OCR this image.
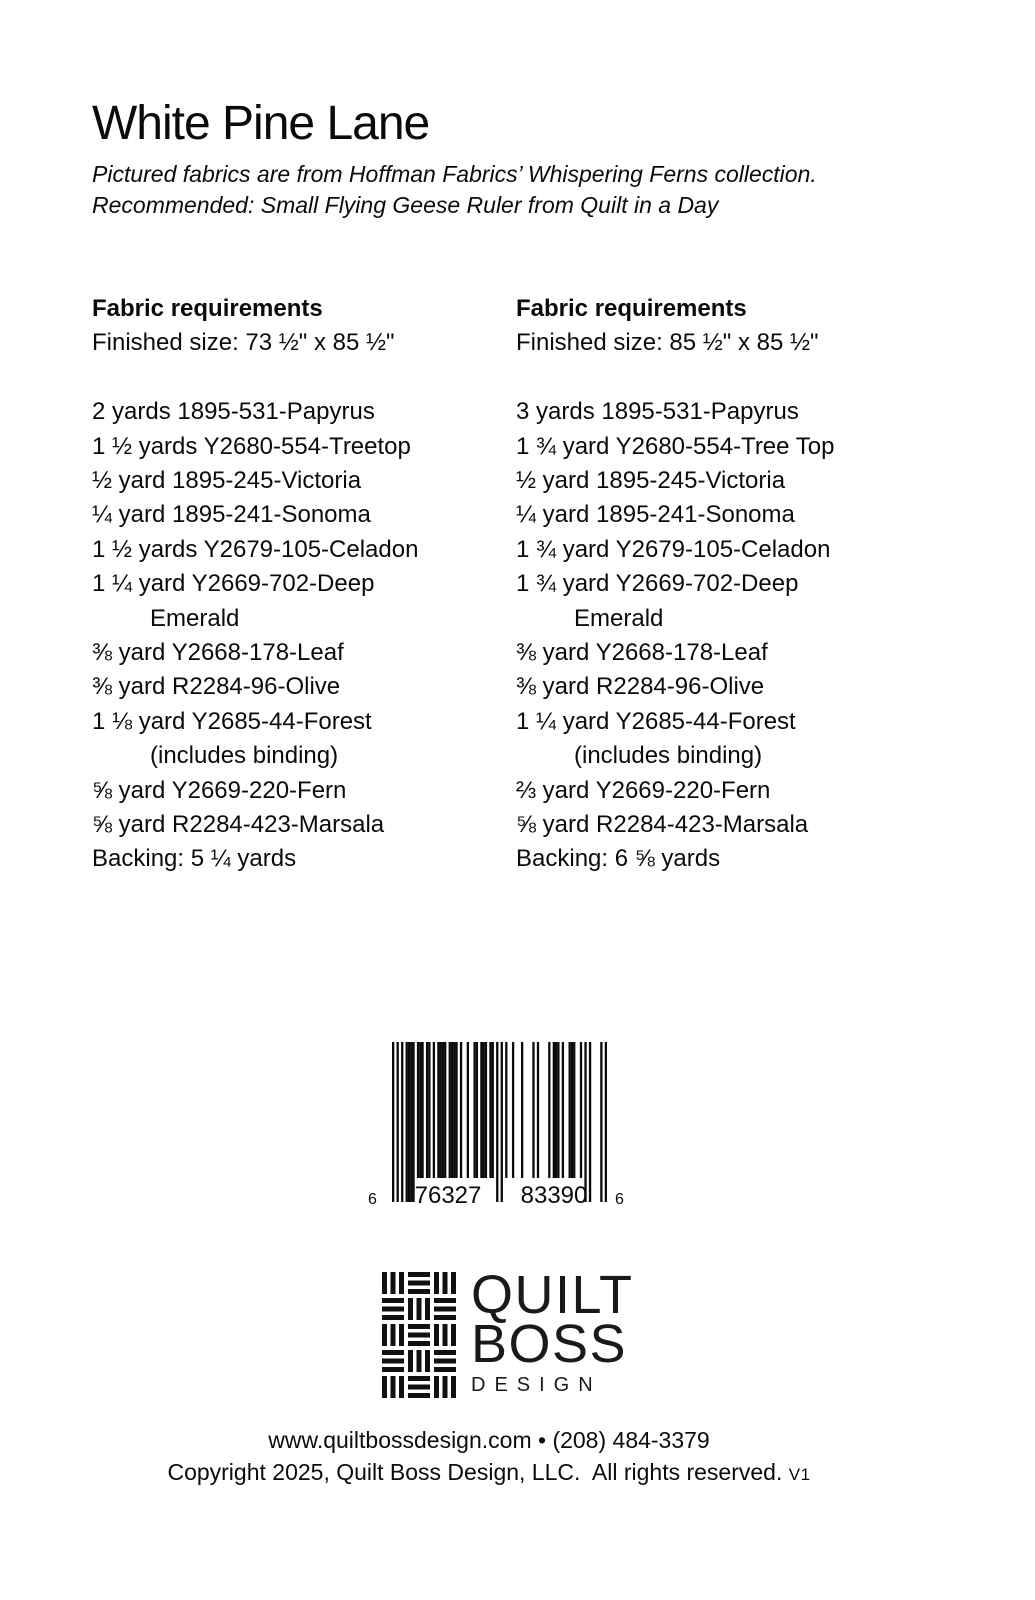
White Pine Lane
Pictured fabrics are from Hoffman Fabrics’ Whispering Ferns collection.
Recommended: Small Flying Geese Ruler from Quilt in a Day
Fabric requirements
Finished size: 73 ½" x 85 ½"
2 yards 1895-531-Papyrus
1 ½ yards Y2680-554-Treetop
½ yard 1895-245-Victoria
¼ yard 1895-241-Sonoma
1 ½ yards Y2679-105-Celadon
1 ¼ yard Y2669-702-Deep
Emerald
⅜ yard Y2668-178-Leaf
⅜ yard R2284-96-Olive
1 ⅛ yard Y2685-44-Forest
(includes binding)
⅝ yard Y2669-220-Fern
⅝ yard R2284-423-Marsala
Backing: 5 ¼ yards
Fabric requirements
Finished size: 85 ½" x 85 ½"
3 yards 1895-531-Papyrus
1 ¾ yard Y2680-554-Tree Top
½ yard 1895-245-Victoria
¼ yard 1895-241-Sonoma
1 ¾ yard Y2679-105-Celadon
1 ¾ yard Y2669-702-Deep
Emerald
⅜ yard Y2668-178-Leaf
⅜ yard R2284-96-Olive
1 ¼ yard Y2685-44-Forest
(includes binding)
⅔ yard Y2669-220-Fern
⅝ yard R2284-423-Marsala
Backing: 6 ⅝ yards
6	76327	83390	6
QUILT
BOSS
DESIGN
www.quiltbossdesign.com • (208) 484-3379
Copyright 2025, Quilt Boss Design, LLC.  All rights reserved. V1
